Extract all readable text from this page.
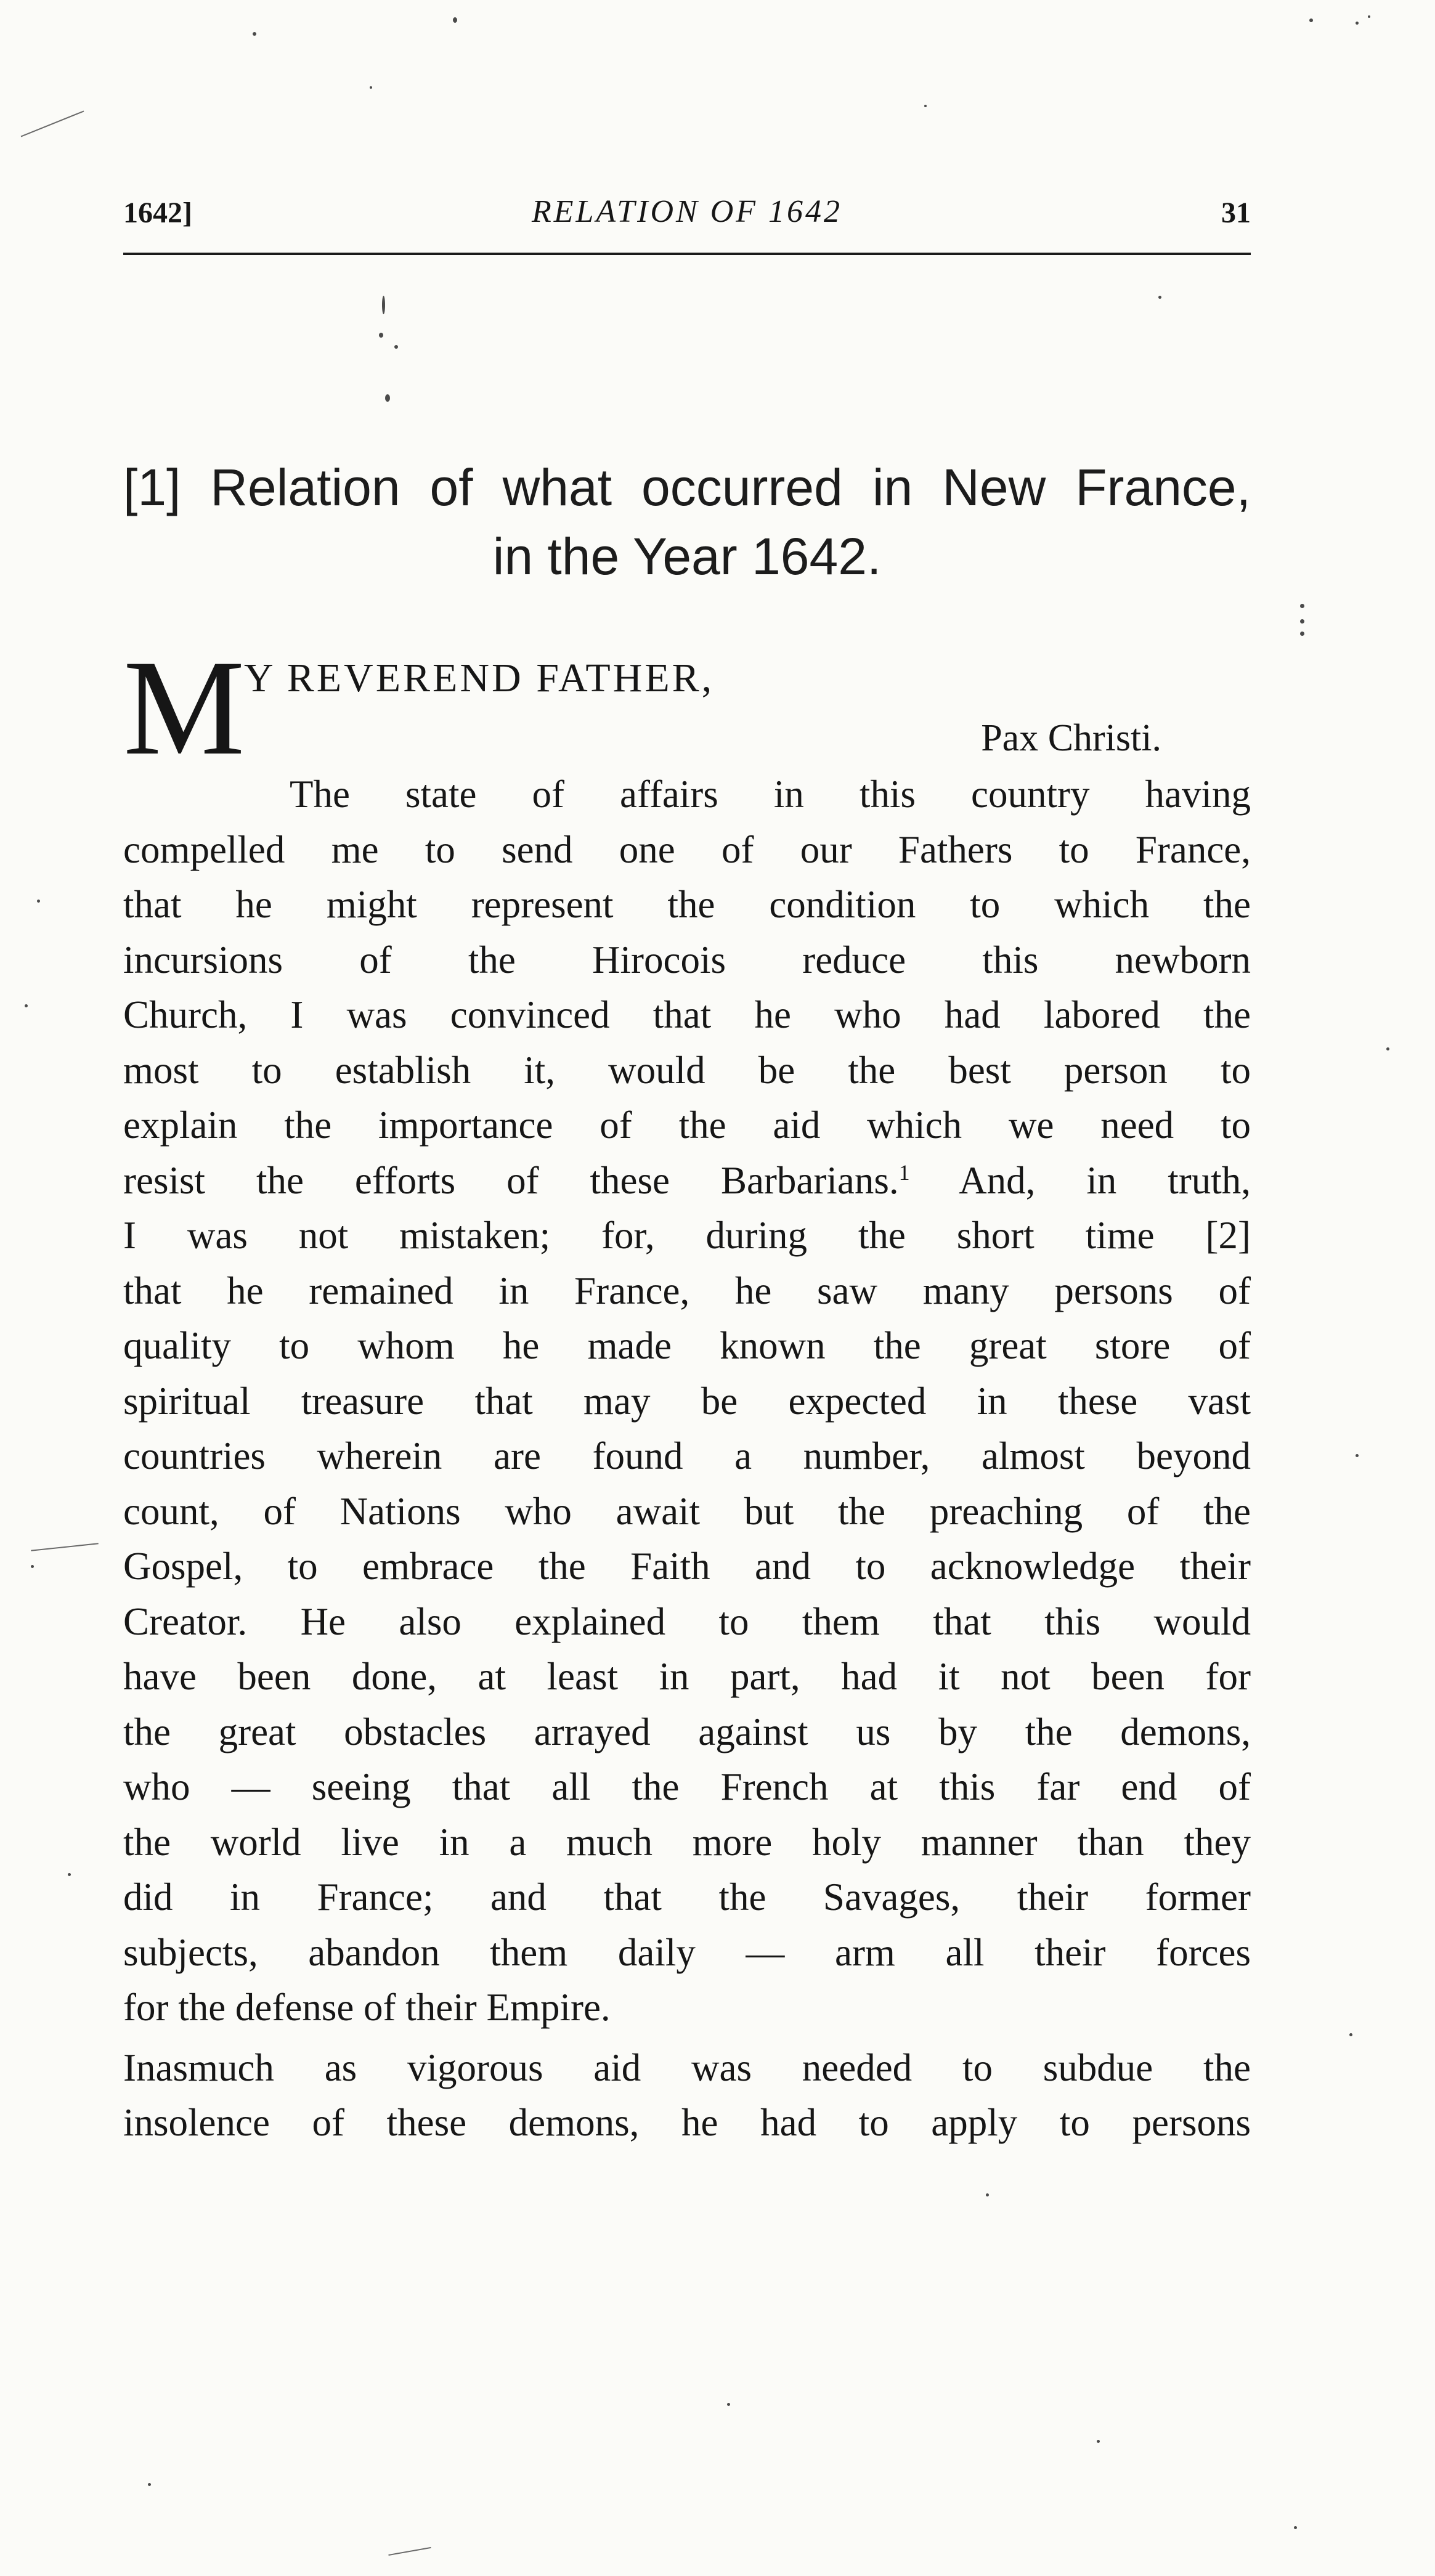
1642]	RELATION OF 1642	31
[1] Relation of what occurred in New France,
in the Year 1642.
M
Y REVEREND FATHER,
Pax Christi.
The state of affairs in this country having
compelled me to send one of our Fathers to France,
that he might represent the condition to which the
incursions of the Hirocois reduce this newborn
Church, I was convinced that he who had labored the
most to establish it, would be the best person to
explain the importance of the aid which we need to
resist the efforts of these Barbarians.$^1$ And, in truth,
I was not mistaken; for, during the short time [2]
that he remained in France, he saw many persons of
quality to whom he made known the great store of
spiritual treasure that may be expected in these vast
countries wherein are found a number, almost beyond
count, of Nations who await but the preaching of the
Gospel, to embrace the Faith and to acknowledge their
Creator. He also explained to them that this would
have been done, at least in part, had it not been for
the great obstacles arrayed against us by the demons,
who — seeing that all the French at this far end of
the world live in a much more holy manner than they
did in France; and that the Savages, their former
subjects, abandon them daily — arm all their forces
for the defense of their Empire.
Inasmuch as vigorous aid was needed to subdue the
insolence of these demons, he had to apply to persons
